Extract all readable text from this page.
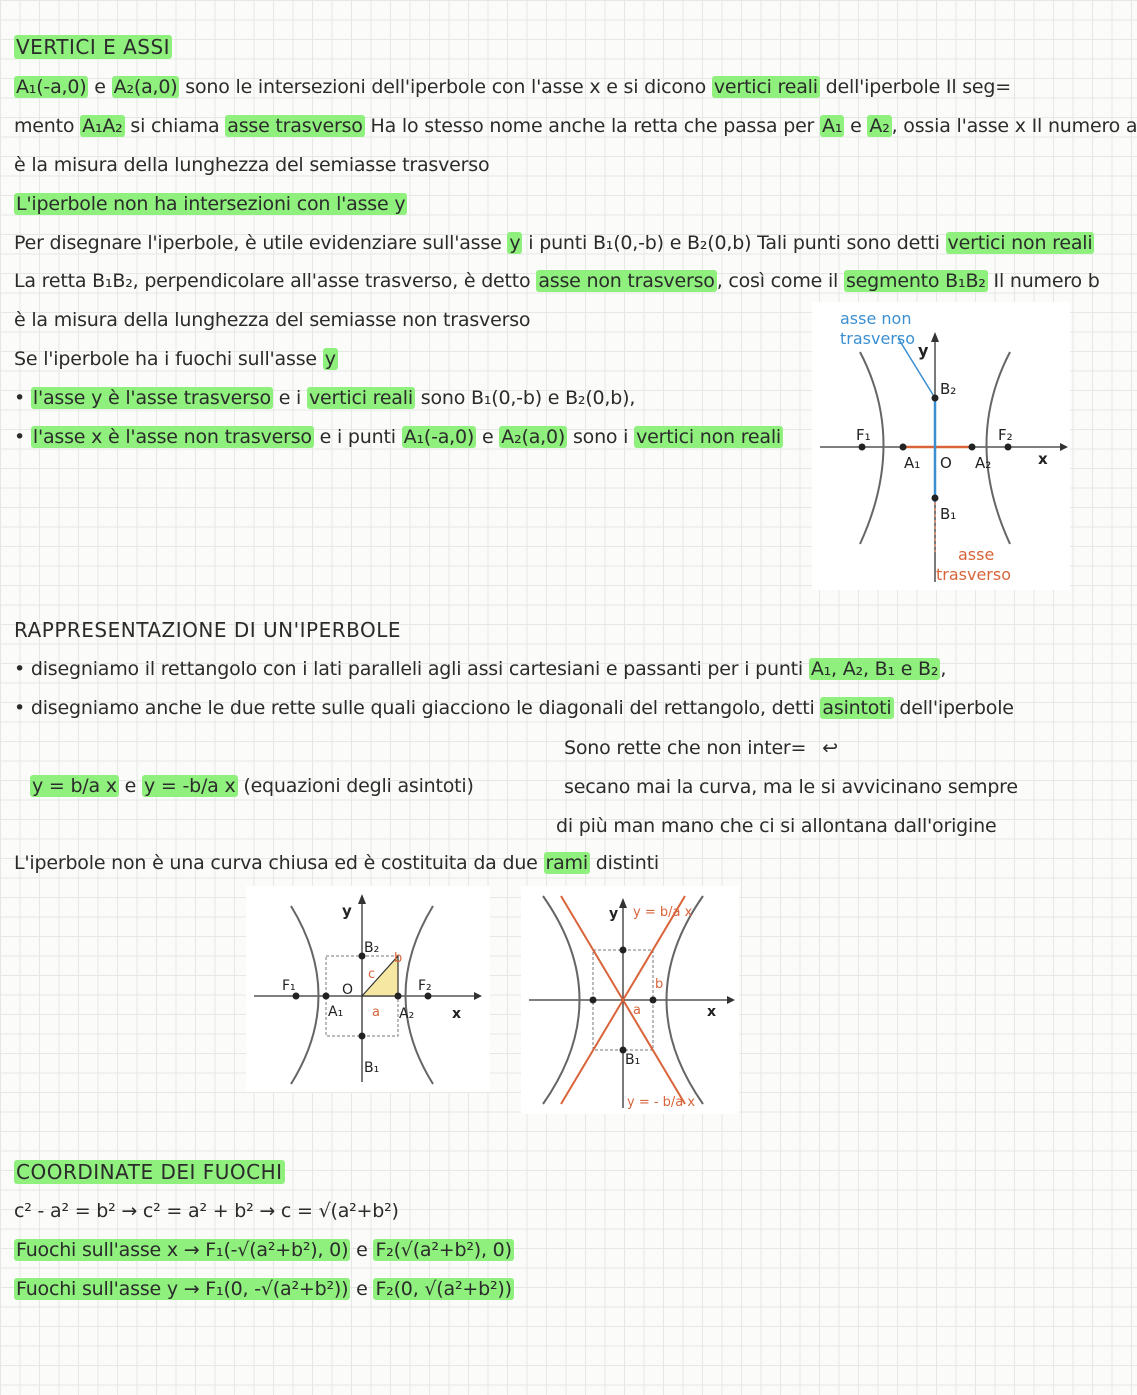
VERTICI E ASSI
A₁(-a,0) e A₂(a,0) sono le intersezioni dell'iperbole con l'asse x e si dicono vertici reali dell'iperbole Il seg=
mento A₁A₂ si chiama asse trasverso Ha lo stesso nome anche la retta che passa per A₁ e A₂ , ossia l'asse x Il numero a
è la misura della lunghezza del semiasse trasverso
L'iperbole non ha intersezioni con l'asse y
Per disegnare l'iperbole, è utile evidenziare sull'asse y i punti B₁(0,-b) e B₂(0,b) Tali punti sono detti vertici non reali
La retta B₁B₂, perpendicolare all'asse trasverso, è detto asse non trasverso , così come il segmento B₁B₂ Il numero b
è la misura della lunghezza del semiasse non trasverso
Se l'iperbole ha i fuochi sull'asse y
• l'asse y è l'asse trasverso e i vertici reali sono B₁(0,-b) e B₂(0,b),
• l'asse x è l'asse non trasverso e i punti A₁(-a,0) e A₂(a,0) sono i vertici non reali
asse non
trasverso
y
B₂
F₁	F₂
A₁ O A₂	x
B₁
asse
trasverso
RAPPRESENTAZIONE DI UN'IPERBOLE
• disegniamo il rettangolo con i lati paralleli agli assi cartesiani e passanti per i punti A₁, A₂, B₁ e B₂ ,
• disegniamo anche le due rette sulle quali giacciono le diagonali del rettangolo, detti asintoti dell'iperbole
Sono rette che non inter= ↩
y = b/a x e y = -b/a x (equazioni degli asintoti)	secano mai la curva, ma le si avvicinano sempre
di più man mano che ci si allontana dall'origine
L'iperbole non è una curva chiusa ed è costituita da due rami distinti
y
B₂
c
b
F₁	F₂
O
A₁ a A₂	x
B₁
y y = b/a x
b
a	x
B₁
y = - b/a x
COORDINATE DEI FUOCHI
c² - a² = b² → c² = a² + b² → c = √(a²+b²)
Fuochi sull'asse x → F₁(-√(a²+b²), 0) e F₂(√(a²+b²), 0)
Fuochi sull'asse y → F₁(0, -√(a²+b²)) e F₂(0, √(a²+b²))
